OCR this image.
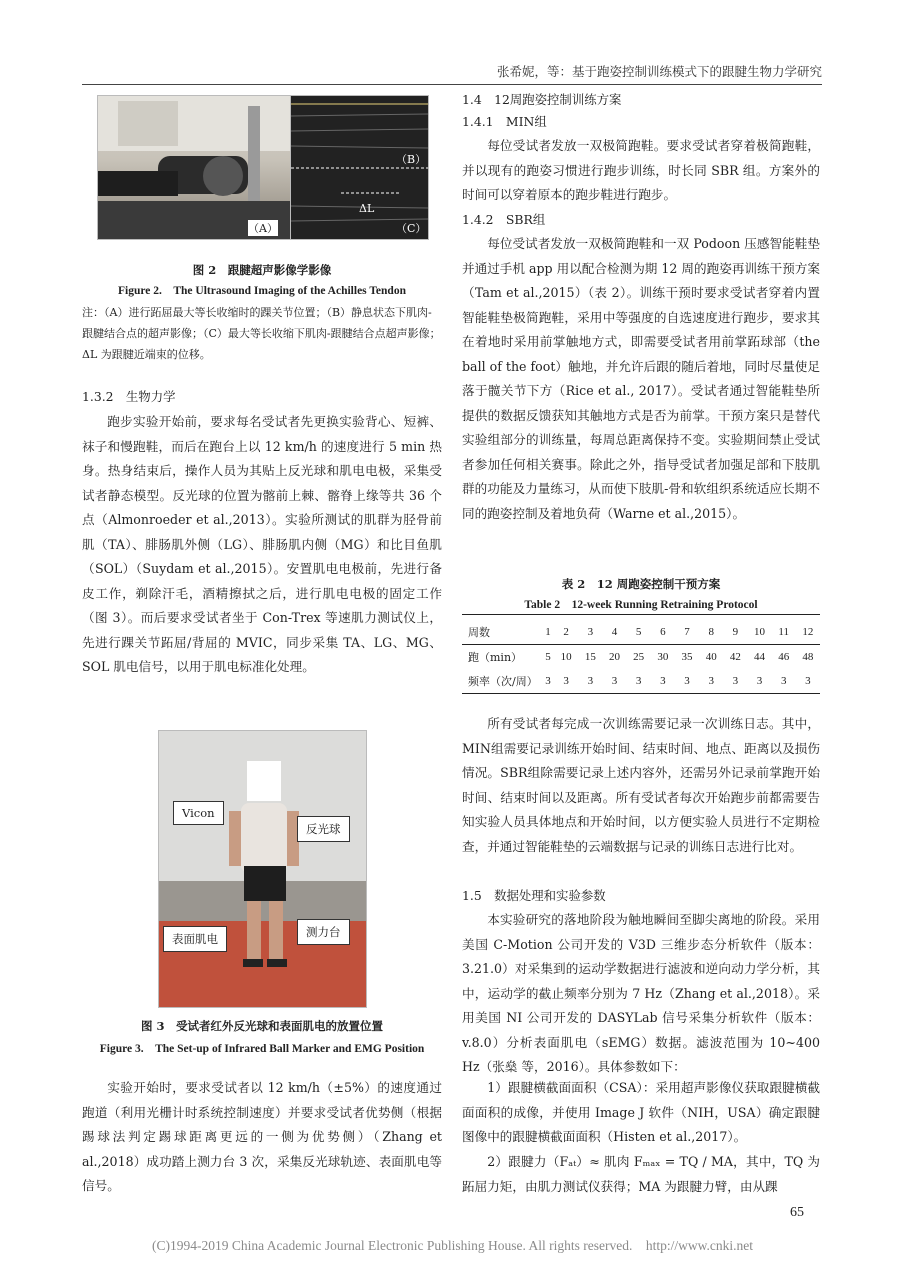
张希妮，等：基于跑姿控制训练模式下的跟腱生物力学研究
（A）
（B）
ΔL
（C）
图 2　跟腱超声影像学影像
Figure 2.　The Ultrasound Imaging of the Achilles Tendon
注：（A）进行跖屈最大等长收缩时的踝关节位置；（B）静息状态下肌肉-跟腱结合点的超声影像；（C）最大等长收缩下肌肉-跟腱结合点超声影像；ΔL 为跟腱近端束的位移。
1.3.2　生物力学
跑步实验开始前，要求每名受试者先更换实验背心、短裤、袜子和慢跑鞋，而后在跑台上以 12 km/h 的速度进行 5 min 热身。热身结束后，操作人员为其贴上反光球和肌电电极，采集受试者静态模型。反光球的位置为髂前上棘、髂脊上缘等共 36 个点（Almonroeder et al.,2013）。实验所测试的肌群为胫骨前肌（TA）、腓肠肌外侧（LG）、腓肠肌内侧（MG）和比目鱼肌（SOL）（Suydam et al.,2015）。安置肌电电极前，先进行备皮工作，剃除汗毛，酒精擦拭之后，进行肌电电极的固定工作（图 3）。而后要求受试者坐于 Con-Trex 等速肌力测试仪上，先进行踝关节跖屈/背屈的 MVIC，同步采集 TA、LG、MG、SOL 肌电信号，以用于肌电标准化处理。
Vicon
反光球
表面肌电	测力台
图 3　受试者红外反光球和表面肌电的放置位置
Figure 3.　The Set-up of Infrared Ball Marker and EMG Position
实验开始时，要求受试者以 12 km/h（±5%）的速度通过跑道（利用光栅计时系统控制速度）并要求受试者优势侧（根据踢球法判定踢球距离更远的一侧为优势侧）（Zhang et al.,2018）成功踏上测力台 3 次，采集反光球轨迹、表面肌电等信号。
1.4　12周跑姿控制训练方案
1.4.1　MIN组
每位受试者发放一双极简跑鞋。要求受试者穿着极简跑鞋，并以现有的跑姿习惯进行跑步训练，时长同 SBR 组。方案外的时间可以穿着原本的跑步鞋进行跑步。
1.4.2　SBR组
每位受试者发放一双极简跑鞋和一双 Podoon 压感智能鞋垫并通过手机 app 用以配合检测为期 12 周的跑姿再训练干预方案（Tam et al.,2015）（表 2）。训练干预时要求受试者穿着内置智能鞋垫极简跑鞋，采用中等强度的自选速度进行跑步，要求其在着地时采用前掌触地方式，即需要受试者用前掌跖球部（the ball of the foot）触地，并允许后跟的随后着地，同时尽量使足落于髋关节下方（Rice et al., 2017）。受试者通过智能鞋垫所提供的数据反馈获知其触地方式是否为前掌。干预方案只是替代实验组部分的训练量，每周总距离保持不变。实验期间禁止受试者参加任何相关赛事。除此之外，指导受试者加强足部和下肢肌群的功能及力量练习，从而使下肢肌-骨和软组织系统适应长期不同的跑姿控制及着地负荷（Warne et al.,2015）。
表 2　12 周跑姿控制干预方案
Table 2　12-week Running Retraining Protocol
周数	1	2	3	4	5	6	7	8	9	10	11	12
跑（min）	5	10	15	20	25	30	35	40	42	44	46	48
频率（次/周）	3	3	3	3	3	3	3	3	3	3	3	3
所有受试者每完成一次训练需要记录一次训练日志。其中，MIN组需要记录训练开始时间、结束时间、地点、距离以及损伤情况。SBR组除需要记录上述内容外，还需另外记录前掌跑开始时间、结束时间以及距离。所有受试者每次开始跑步前都需要告知实验人员具体地点和开始时间，以方便实验人员进行不定期检查，并通过智能鞋垫的云端数据与记录的训练日志进行比对。
1.5　数据处理和实验参数
本实验研究的落地阶段为触地瞬间至脚尖离地的阶段。采用美国 C-Motion 公司开发的 V3D 三维步态分析软件（版本：3.21.0）对采集到的运动学数据进行滤波和逆向动力学分析，其中，运动学的截止频率分别为 7 Hz（Zhang et al.,2018）。采用美国 NI 公司开发的 DASYLab 信号采集分析软件（版本：v.8.0）分析表面肌电（sEMG）数据。滤波范围为 10~400 Hz（张燊 等，2016）。具体参数如下：
1）跟腱横截面面积（CSA）：采用超声影像仪获取跟腱横截面面积的成像，并使用 Image J 软件（NIH，USA）确定跟腱图像中的跟腱横截面面积（Histen et al.,2017）。
2）跟腱力（Fₐₜ）≈ 肌肉 Fₘₐₓ = TQ / MA，其中，TQ 为跖屈力矩，由肌力测试仪获得；MA 为跟腱力臂，由从踝
65
(C)1994-2019 China Academic Journal Electronic Publishing House. All rights reserved.　http://www.cnki.net
